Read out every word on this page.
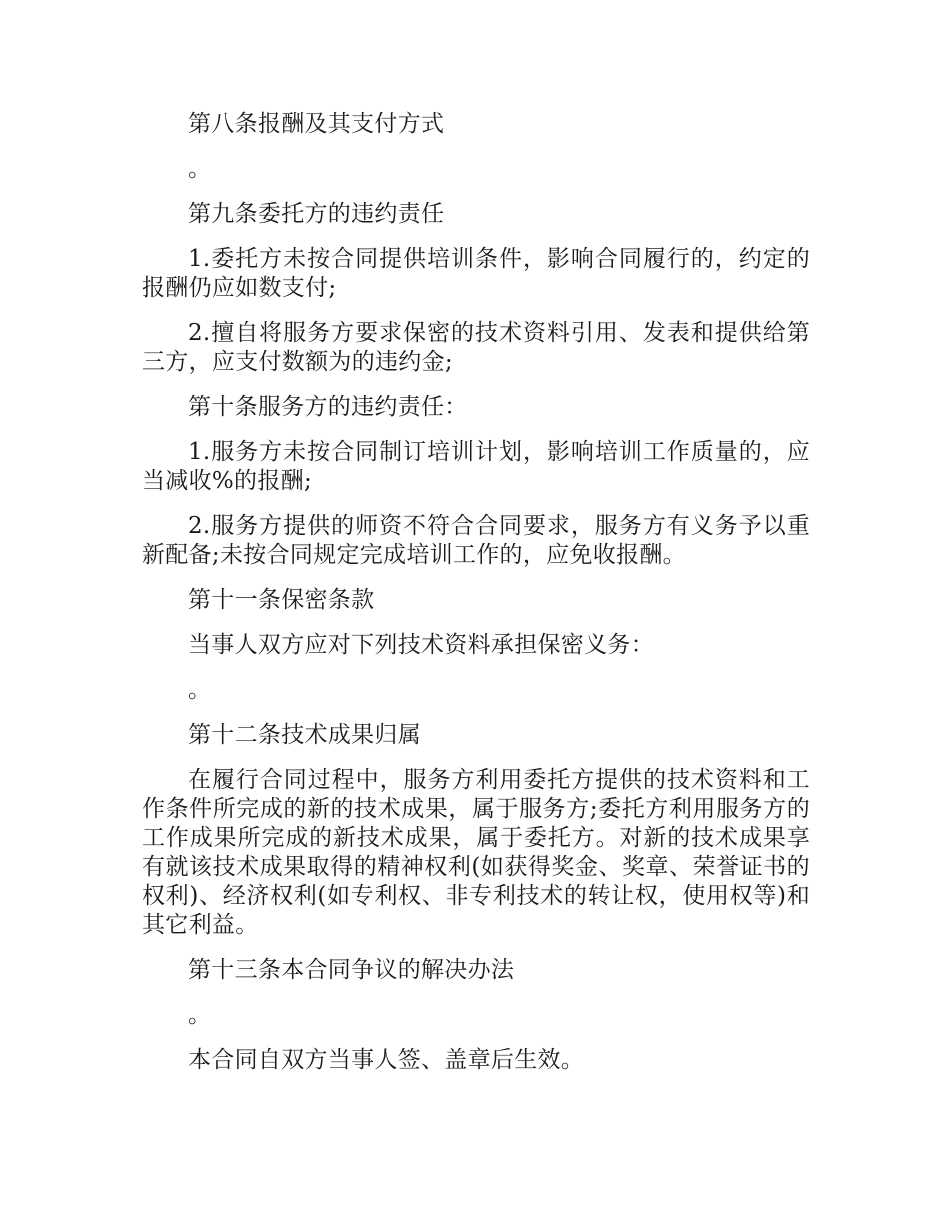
第八条报酬及其支付方式

。

第九条委托方的违约责任

1.委托方未按合同提供培训条件，影响合同履行的，约定的报酬仍应如数支付;

2.擅自将服务方要求保密的技术资料引用、发表和提供给第三方，应支付数额为的违约金;

第十条服务方的违约责任：

1.服务方未按合同制订培训计划，影响培训工作质量的，应当减收%的报酬;

2.服务方提供的师资不符合合同要求，服务方有义务予以重新配备;未按合同规定完成培训工作的，应免收报酬。

第十一条保密条款

当事人双方应对下列技术资料承担保密义务：

。

第十二条技术成果归属

在履行合同过程中，服务方利用委托方提供的技术资料和工作条件所完成的新的技术成果，属于服务方;委托方利用服务方的工作成果所完成的新技术成果，属于委托方。对新的技术成果享有就该技术成果取得的精神权利(如获得奖金、奖章、荣誉证书的权利)、经济权利(如专利权、非专利技术的转让权，使用权等)和其它利益。

第十三条本合同争议的解决办法

。

本合同自双方当事人签、盖章后生效。
